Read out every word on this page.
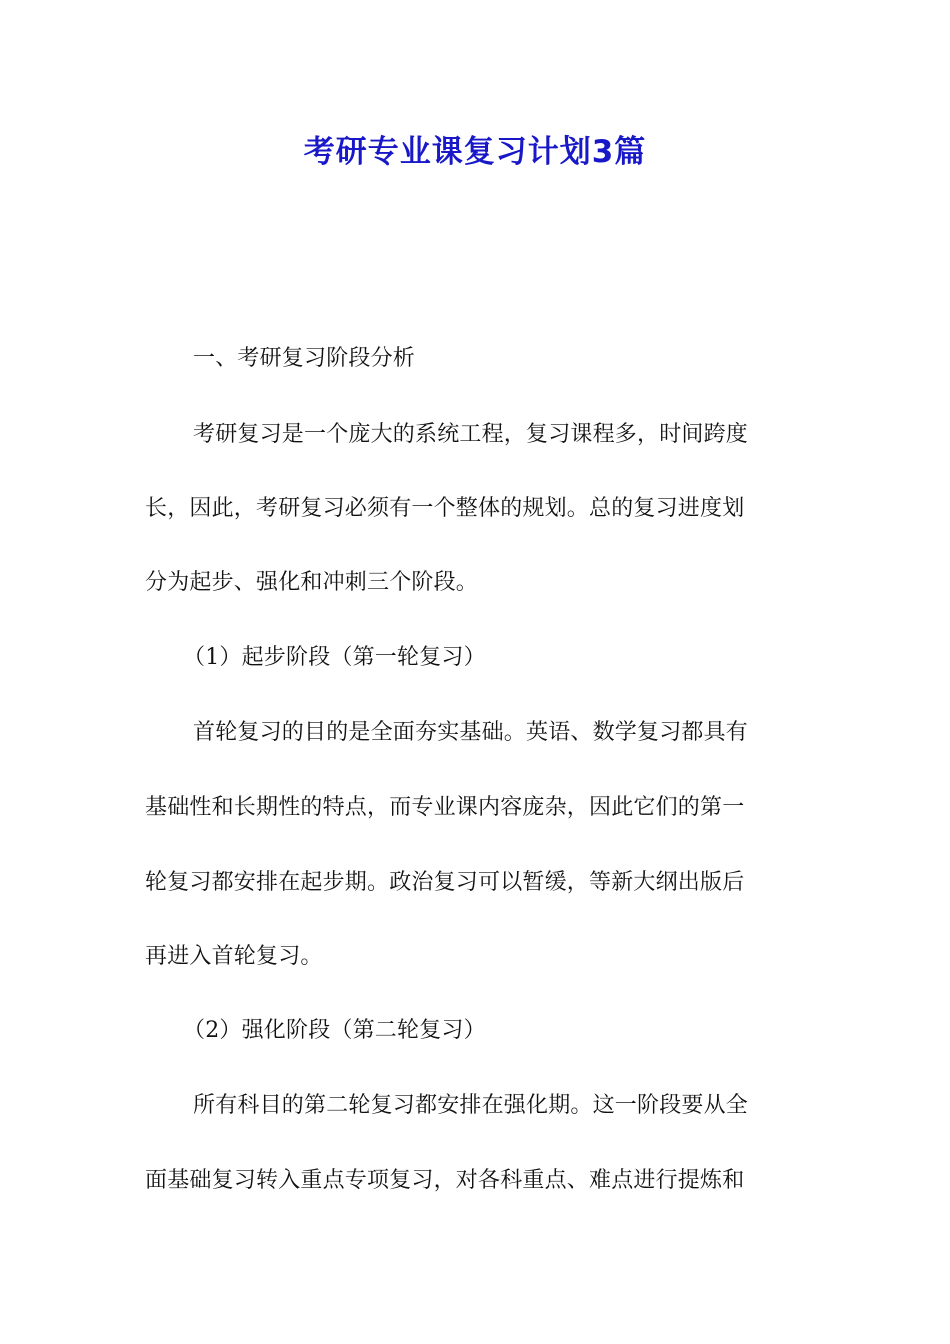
考研专业课复习计划3篇
一、考研复习阶段分析
考研复习是一个庞大的系统工程，复习课程多，时间跨度
长，因此，考研复习必须有一个整体的规划。总的复习进度划
分为起步、强化和冲刺三个阶段。
（1）起步阶段（第一轮复习）
首轮复习的目的是全面夯实基础。英语、数学复习都具有
基础性和长期性的特点，而专业课内容庞杂，因此它们的第一
轮复习都安排在起步期。政治复习可以暂缓，等新大纲出版后
再进入首轮复习。
（2）强化阶段（第二轮复习）
所有科目的第二轮复习都安排在强化期。这一阶段要从全
面基础复习转入重点专项复习，对各科重点、难点进行提炼和
